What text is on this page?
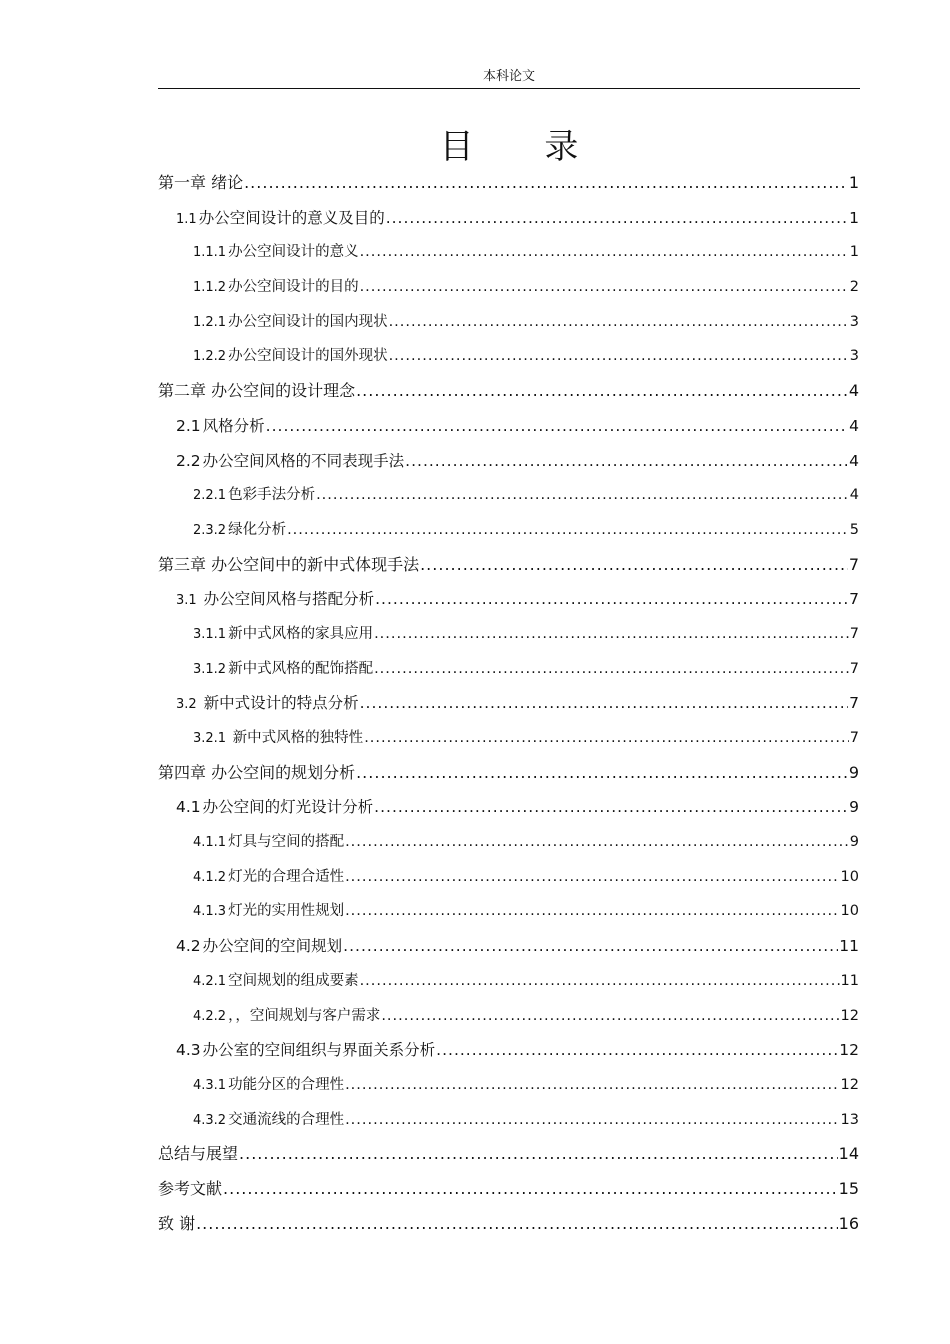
本科论文
目 录
第一章 绪论 .....	1
1.1 办公空间设计的意义及目的 .....	1
1.1.1 办公空间设计的意义 .....	1
1.1.2 办公空间设计的目的 .....	2
1.2.1 办公空间设计的国内现状 .....	3
1.2.2 办公空间设计的国外现状 .....	3
第二章 办公空间的设计理念 .....	4
2.1 风格分析 .....	4
2.2 办公空间风格的不同表现手法 .....	4
2.2.1 色彩手法分析 .....	4
2.3.2 绿化分析 .....	5
第三章 办公空间中的新中式体现手法 .....	7
3.1 办公空间风格与搭配分析 .....	7
3.1.1 新中式风格的家具应用 .....	7
3.1.2 新中式风格的配饰搭配 .....	7
3.2 新中式设计的特点分析 .....	7
3.2.1 新中式风格的独特性 .....	7
第四章 办公空间的规划分析 .....	9
4.1 办公空间的灯光设计分析 .....	9
4.1.1 灯具与空间的搭配 .....	9
4.1.2 灯光的合理合适性 .....	10
4.1.3 灯光的实用性规划 .....	10
4.2 办公空间的空间规划 .....	11
4.2.1 空间规划的组成要素 .....	11
4.2.2 ，，空间规划与客户需求 .....	12
4.3 办公室的空间组织与界面关系分析 .....	12
4.3.1 功能分区的合理性 .....	12
4.3.2 交通流线的合理性 .....	13
总结与展望 .....	14
参考文献 .....	15
致 谢 .....	16
